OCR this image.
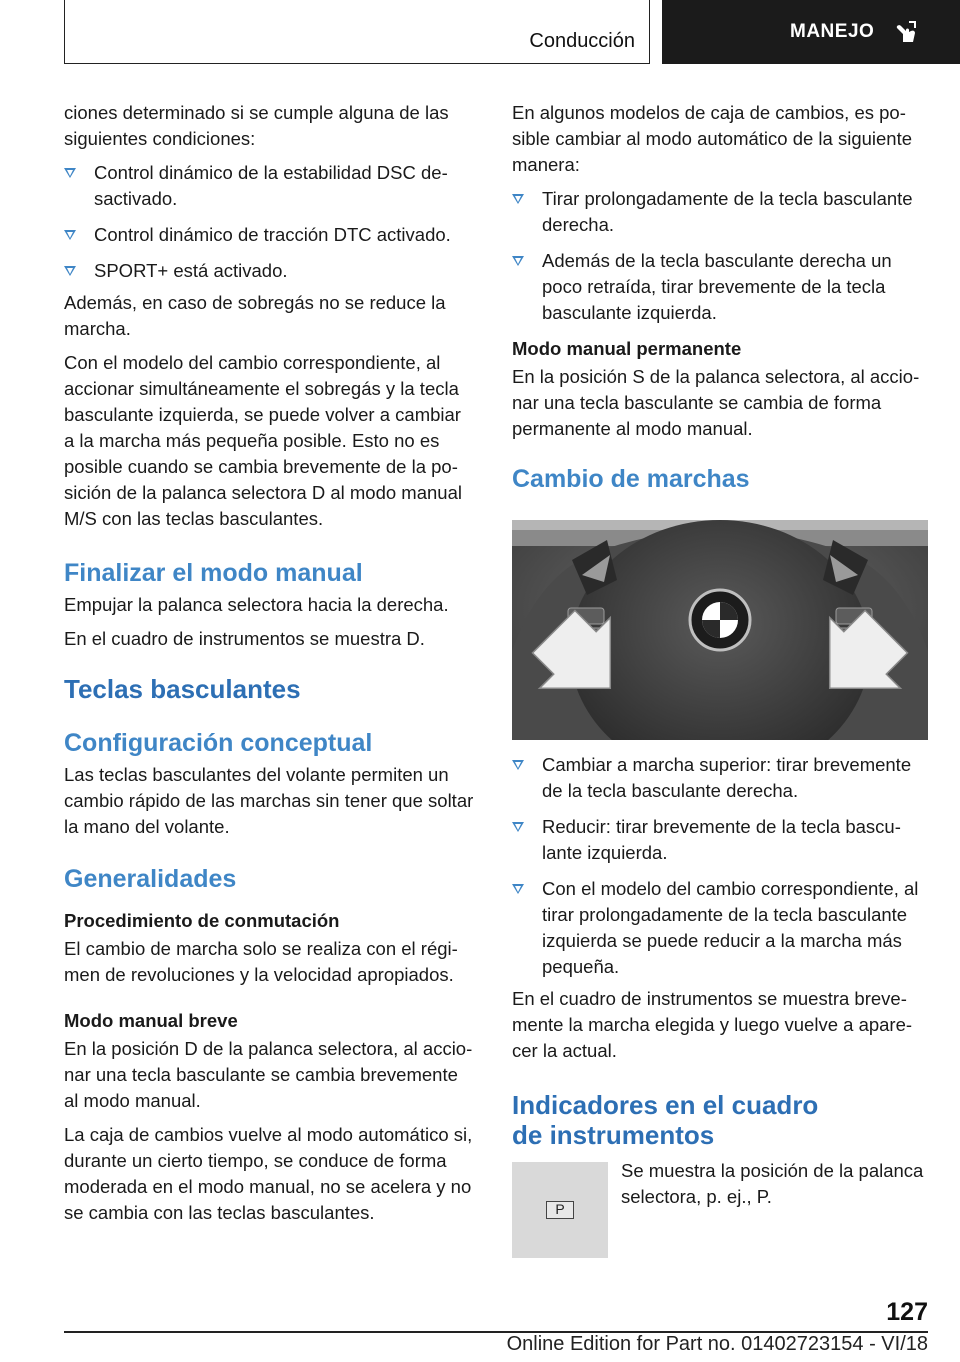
Conducción	MANEJO

ciones determinado si se cumple alguna de las siguientes condiciones:

Control dinámico de la estabilidad DSC desactivado.
Control dinámico de tracción DTC activado.
SPORT+ está activado.

Además, en caso de sobregás no se reduce la marcha.

Con el modelo del cambio correspondiente, al accionar simultáneamente el sobregás y la tecla basculante izquierda, se puede volver a cambiar a la marcha más pequeña posible. Esto no es posible cuando se cambia brevemente de la posición de la palanca selectora D al modo manual M/S con las teclas basculantes.

Finalizar el modo manual

Empujar la palanca selectora hacia la derecha.

En el cuadro de instrumentos se muestra D.

Teclas basculantes
Configuración conceptual

Las teclas basculantes del volante permiten un cambio rápido de las marchas sin tener que soltar la mano del volante.

Generalidades
Procedimiento de conmutación

El cambio de marcha solo se realiza con el régimen de revoluciones y la velocidad apropiados.

Modo manual breve

En la posición D de la palanca selectora, al accionar una tecla basculante se cambia brevemente al modo manual.

La caja de cambios vuelve al modo automático si, durante un cierto tiempo, se conduce de forma moderada en el modo manual, no se acelera y no se cambia con las teclas basculantes.

En algunos modelos de caja de cambios, es posible cambiar al modo automático de la siguiente manera:

Tirar prolongadamente de la tecla basculante derecha.
Además de la tecla basculante derecha un poco retraída, tirar brevemente de la tecla basculante izquierda.
Modo manual permanente

En la posición S de la palanca selectora, al accionar una tecla basculante se cambia de forma permanente al modo manual.

Cambio de marchas
Cambiar a marcha superior: tirar brevemente de la tecla basculante derecha.
Reducir: tirar brevemente de la tecla basculante izquierda.
Con el modelo del cambio correspondiente, al tirar prolongadamente de la tecla basculante izquierda se puede reducir a la marcha más pequeña.

En el cuadro de instrumentos se muestra brevemente la marcha elegida y luego vuelve a aparecer la actual.

Indicadores en el cuadro
de instrumentos
P
Se muestra la posición de la palanca selectora, p. ej., P.
127
Online Edition for Part no. 01402723154 - VI/18
